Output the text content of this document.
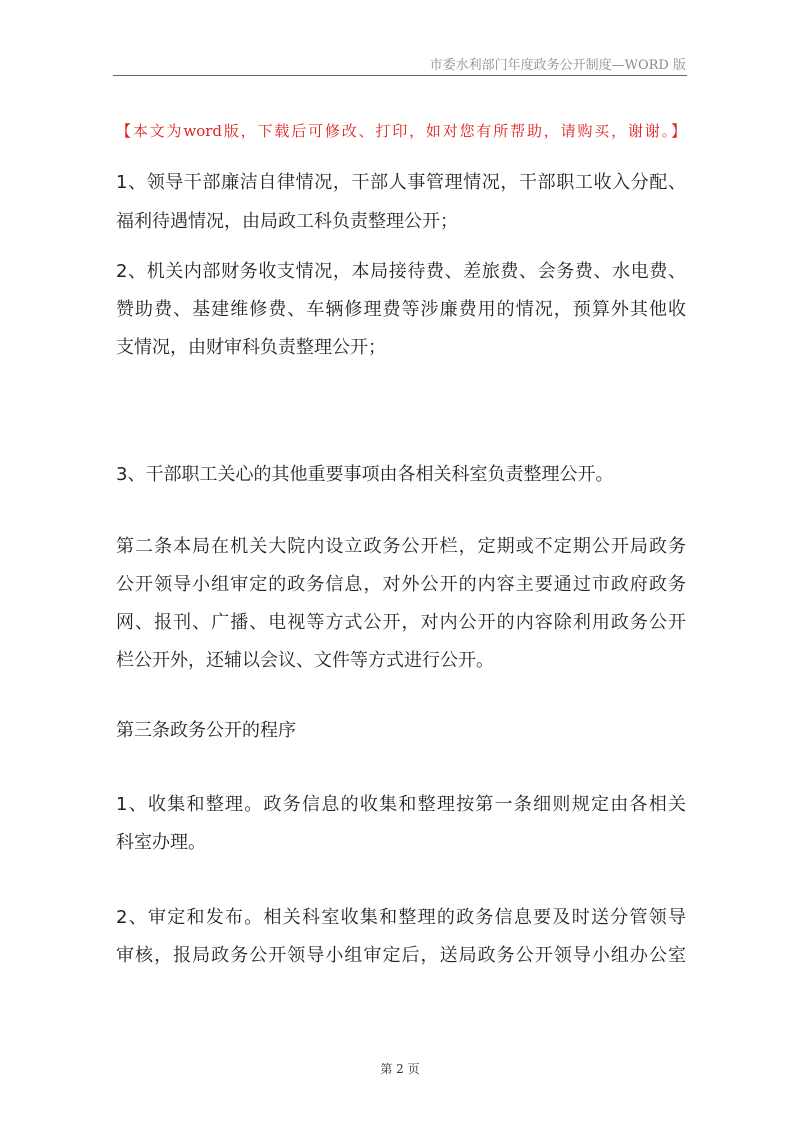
市委水利部门年度政务公开制度—WORD 版
【本文为word版，下载后可修改、打印，如对您有所帮助，请购买，谢谢。】
1、领导干部廉洁自律情况，干部人事管理情况，干部职工收入分配、
福利待遇情况，由局政工科负责整理公开；
2、机关内部财务收支情况，本局接待费、差旅费、会务费、水电费、
赞助费、基建维修费、车辆修理费等涉廉费用的情况，预算外其他收
支情况，由财审科负责整理公开；
3、干部职工关心的其他重要事项由各相关科室负责整理公开。
第二条本局在机关大院内设立政务公开栏，定期或不定期公开局政务
公开领导小组审定的政务信息，对外公开的内容主要通过市政府政务
网、报刊、广播、电视等方式公开，对内公开的内容除利用政务公开
栏公开外，还辅以会议、文件等方式进行公开。
第三条政务公开的程序
1、收集和整理。政务信息的收集和整理按第一条细则规定由各相关
科室办理。
2、审定和发布。相关科室收集和整理的政务信息要及时送分管领导
审核，报局政务公开领导小组审定后，送局政务公开领导小组办公室
第 2 页
